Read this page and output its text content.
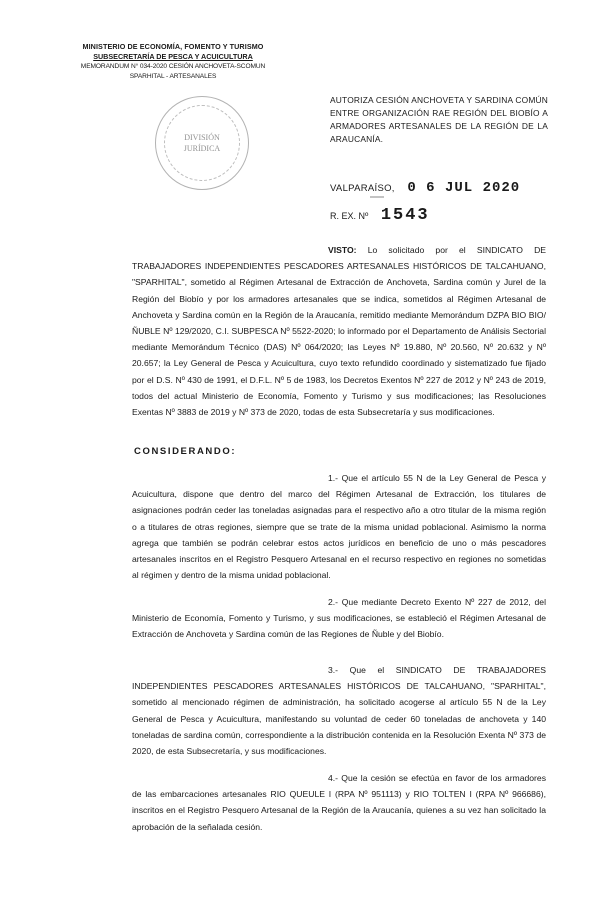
MINISTERIO DE ECONOMÍA, FOMENTO Y TURISMO
SUBSECRETARÍA DE PESCA Y ACUICULTURA
MEMORANDUM N° 034-2020 CESIÓN ANCHOVETA-SCOMUN
SPARHITAL - ARTESANALES
DIVISIÓN
JURÍDICA
AUTORIZA CESIÓN ANCHOVETA Y SARDINA COMÚN ENTRE ORGANIZACIÓN RAE REGIÓN DEL BIOBÍO A ARMADORES ARTESANALES DE LA REGIÓN DE LA ARAUCANÍA.
VALPARAÍSO, 0 6 JUL 2020
R. EX. Nº 1543
VISTO: Lo solicitado por el SINDICATO DE TRABAJADORES INDEPENDIENTES PESCADORES ARTESANALES HISTÓRICOS DE TALCAHUANO, "SPARHITAL", sometido al Régimen Artesanal de Extracción de Anchoveta, Sardina común y Jurel de la Región del Biobío y por los armadores artesanales que se indica, sometidos al Régimen Artesanal de Anchoveta y Sardina común en la Región de la Araucanía, remitido mediante Memorándum DZPA BIO BIO/ÑUBLE Nº 129/2020, C.I. SUBPESCA Nº 5522-2020; lo informado por el Departamento de Análisis Sectorial mediante Memorándum Técnico (DAS) Nº 064/2020; las Leyes Nº 19.880, Nº 20.560, Nº 20.632 y Nº 20.657; la Ley General de Pesca y Acuicultura, cuyo texto refundido coordinado y sistematizado fue fijado por el D.S. Nº 430 de 1991, el D.F.L. Nº 5 de 1983, los Decretos Exentos Nº 227 de 2012 y Nº 243 de 2019, todos del actual Ministerio de Economía, Fomento y Turismo y sus modificaciones; las Resoluciones Exentas Nº 3883 de 2019 y Nº 373 de 2020, todas de esta Subsecretaría y sus modificaciones.
CONSIDERANDO:
1.- Que el artículo 55 N de la Ley General de Pesca y Acuicultura, dispone que dentro del marco del Régimen Artesanal de Extracción, los titulares de asignaciones podrán ceder las toneladas asignadas para el respectivo año a otro titular de la misma región o a titulares de otras regiones, siempre que se trate de la misma unidad poblacional. Asimismo la norma agrega que también se podrán celebrar estos actos jurídicos en beneficio de uno o más pescadores artesanales inscritos en el Registro Pesquero Artesanal en el recurso respectivo en regiones no sometidas al régimen y dentro de la misma unidad poblacional.
2.- Que mediante Decreto Exento Nº 227 de 2012, del Ministerio de Economía, Fomento y Turismo, y sus modificaciones, se estableció el Régimen Artesanal de Extracción de Anchoveta y Sardina común de las Regiones de Ñuble y del Biobío.
3.- Que el SINDICATO DE TRABAJADORES INDEPENDIENTES PESCADORES ARTESANALES HISTÓRICOS DE TALCAHUANO, "SPARHITAL", sometido al mencionado régimen de administración, ha solicitado acogerse al artículo 55 N de la Ley General de Pesca y Acuicultura, manifestando su voluntad de ceder 60 toneladas de anchoveta y 140 toneladas de sardina común, correspondiente a la distribución contenida en la Resolución Exenta Nº 373 de 2020, de esta Subsecretaría, y sus modificaciones.
4.- Que la cesión se efectúa en favor de los armadores de las embarcaciones artesanales RIO QUEULE I (RPA Nº 951113) y RIO TOLTEN I (RPA Nº 966686), inscritos en el Registro Pesquero Artesanal de la Región de la Araucanía, quienes a su vez han solicitado la aprobación de la señalada cesión.
